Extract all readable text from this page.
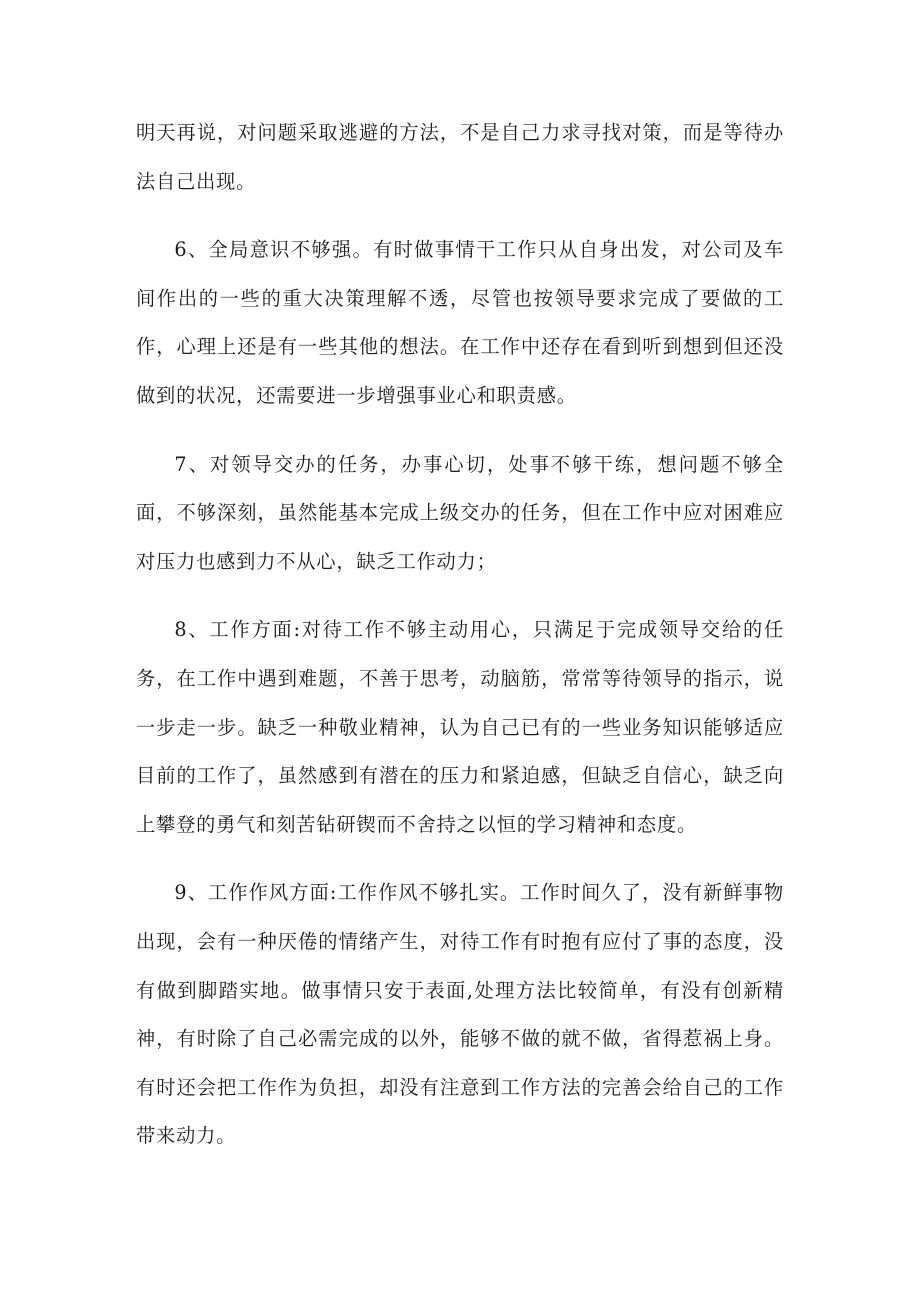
明天再说，对问题采取逃避的方法，不是自己力求寻找对策，而是等待办法自己出现。

6、全局意识不够强。有时做事情干工作只从自身出发，对公司及车间作出的一些的重大决策理解不透，尽管也按领导要求完成了要做的工作，心理上还是有一些其他的想法。在工作中还存在看到听到想到但还没做到的状况，还需要进一步增强事业心和职责感。

7、对领导交办的任务，办事心切，处事不够干练，想问题不够全面，不够深刻，虽然能基本完成上级交办的任务，但在工作中应对困难应对压力也感到力不从心，缺乏工作动力；

8、工作方面:对待工作不够主动用心，只满足于完成领导交给的任务，在工作中遇到难题，不善于思考，动脑筋，常常等待领导的指示，说一步走一步。缺乏一种敬业精神，认为自己已有的一些业务知识能够适应目前的工作了，虽然感到有潜在的压力和紧迫感，但缺乏自信心，缺乏向上攀登的勇气和刻苦钻研锲而不舍持之以恒的学习精神和态度。

9、工作作风方面:工作作风不够扎实。工作时间久了，没有新鲜事物出现，会有一种厌倦的情绪产生，对待工作有时抱有应付了事的态度，没有做到脚踏实地。做事情只安于表面,处理方法比较简单，有没有创新精神，有时除了自己必需完成的以外，能够不做的就不做，省得惹祸上身。有时还会把工作作为负担，却没有注意到工作方法的完善会给自己的工作带来动力。
